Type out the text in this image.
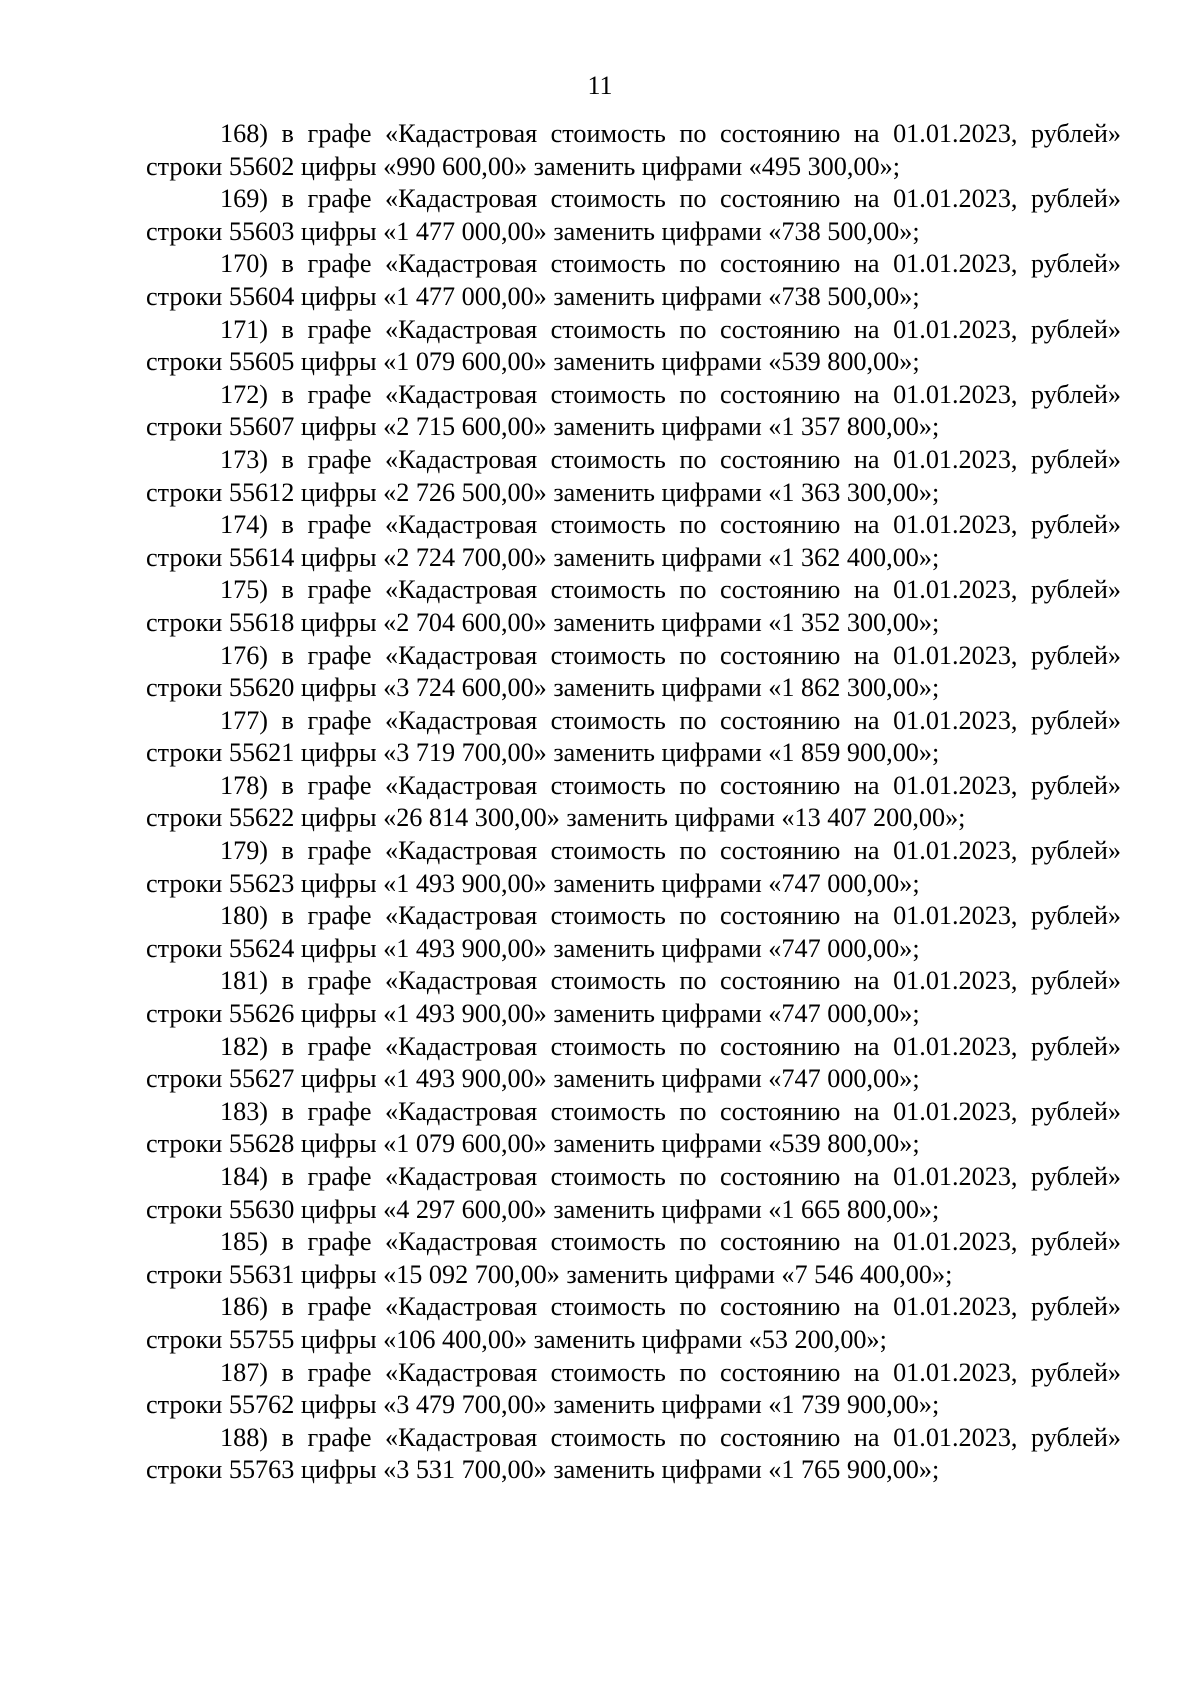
11

168) в графе «Кадастровая стоимость по состоянию на 01.01.2023, рублей» строки 55602 цифры «990 600,00» заменить цифрами «495 300,00»;

169) в графе «Кадастровая стоимость по состоянию на 01.01.2023, рублей» строки 55603 цифры «1 477 000,00» заменить цифрами «738 500,00»;

170) в графе «Кадастровая стоимость по состоянию на 01.01.2023, рублей» строки 55604 цифры «1 477 000,00» заменить цифрами «738 500,00»;

171) в графе «Кадастровая стоимость по состоянию на 01.01.2023, рублей» строки 55605 цифры «1 079 600,00» заменить цифрами «539 800,00»;

172) в графе «Кадастровая стоимость по состоянию на 01.01.2023, рублей» строки 55607 цифры «2 715 600,00» заменить цифрами «1 357 800,00»;

173) в графе «Кадастровая стоимость по состоянию на 01.01.2023, рублей» строки 55612 цифры «2 726 500,00» заменить цифрами «1 363 300,00»;

174) в графе «Кадастровая стоимость по состоянию на 01.01.2023, рублей» строки 55614 цифры «2 724 700,00» заменить цифрами «1 362 400,00»;

175) в графе «Кадастровая стоимость по состоянию на 01.01.2023, рублей» строки 55618 цифры «2 704 600,00» заменить цифрами «1 352 300,00»;

176) в графе «Кадастровая стоимость по состоянию на 01.01.2023, рублей» строки 55620 цифры «3 724 600,00» заменить цифрами «1 862 300,00»;

177) в графе «Кадастровая стоимость по состоянию на 01.01.2023, рублей» строки 55621 цифры «3 719 700,00» заменить цифрами «1 859 900,00»;

178) в графе «Кадастровая стоимость по состоянию на 01.01.2023, рублей» строки 55622 цифры «26 814 300,00» заменить цифрами «13 407 200,00»;

179) в графе «Кадастровая стоимость по состоянию на 01.01.2023, рублей» строки 55623 цифры «1 493 900,00» заменить цифрами «747 000,00»;

180) в графе «Кадастровая стоимость по состоянию на 01.01.2023, рублей» строки 55624 цифры «1 493 900,00» заменить цифрами «747 000,00»;

181) в графе «Кадастровая стоимость по состоянию на 01.01.2023, рублей» строки 55626 цифры «1 493 900,00» заменить цифрами «747 000,00»;

182) в графе «Кадастровая стоимость по состоянию на 01.01.2023, рублей» строки 55627 цифры «1 493 900,00» заменить цифрами «747 000,00»;

183) в графе «Кадастровая стоимость по состоянию на 01.01.2023, рублей» строки 55628 цифры «1 079 600,00» заменить цифрами «539 800,00»;

184) в графе «Кадастровая стоимость по состоянию на 01.01.2023, рублей» строки 55630 цифры «4 297 600,00» заменить цифрами «1 665 800,00»;

185) в графе «Кадастровая стоимость по состоянию на 01.01.2023, рублей» строки 55631 цифры «15 092 700,00» заменить цифрами «7 546 400,00»;

186) в графе «Кадастровая стоимость по состоянию на 01.01.2023, рублей» строки 55755 цифры «106 400,00» заменить цифрами «53 200,00»;

187) в графе «Кадастровая стоимость по состоянию на 01.01.2023, рублей» строки 55762 цифры «3 479 700,00» заменить цифрами «1 739 900,00»;

188) в графе «Кадастровая стоимость по состоянию на 01.01.2023, рублей» строки 55763 цифры «3 531 700,00» заменить цифрами «1 765 900,00»;
